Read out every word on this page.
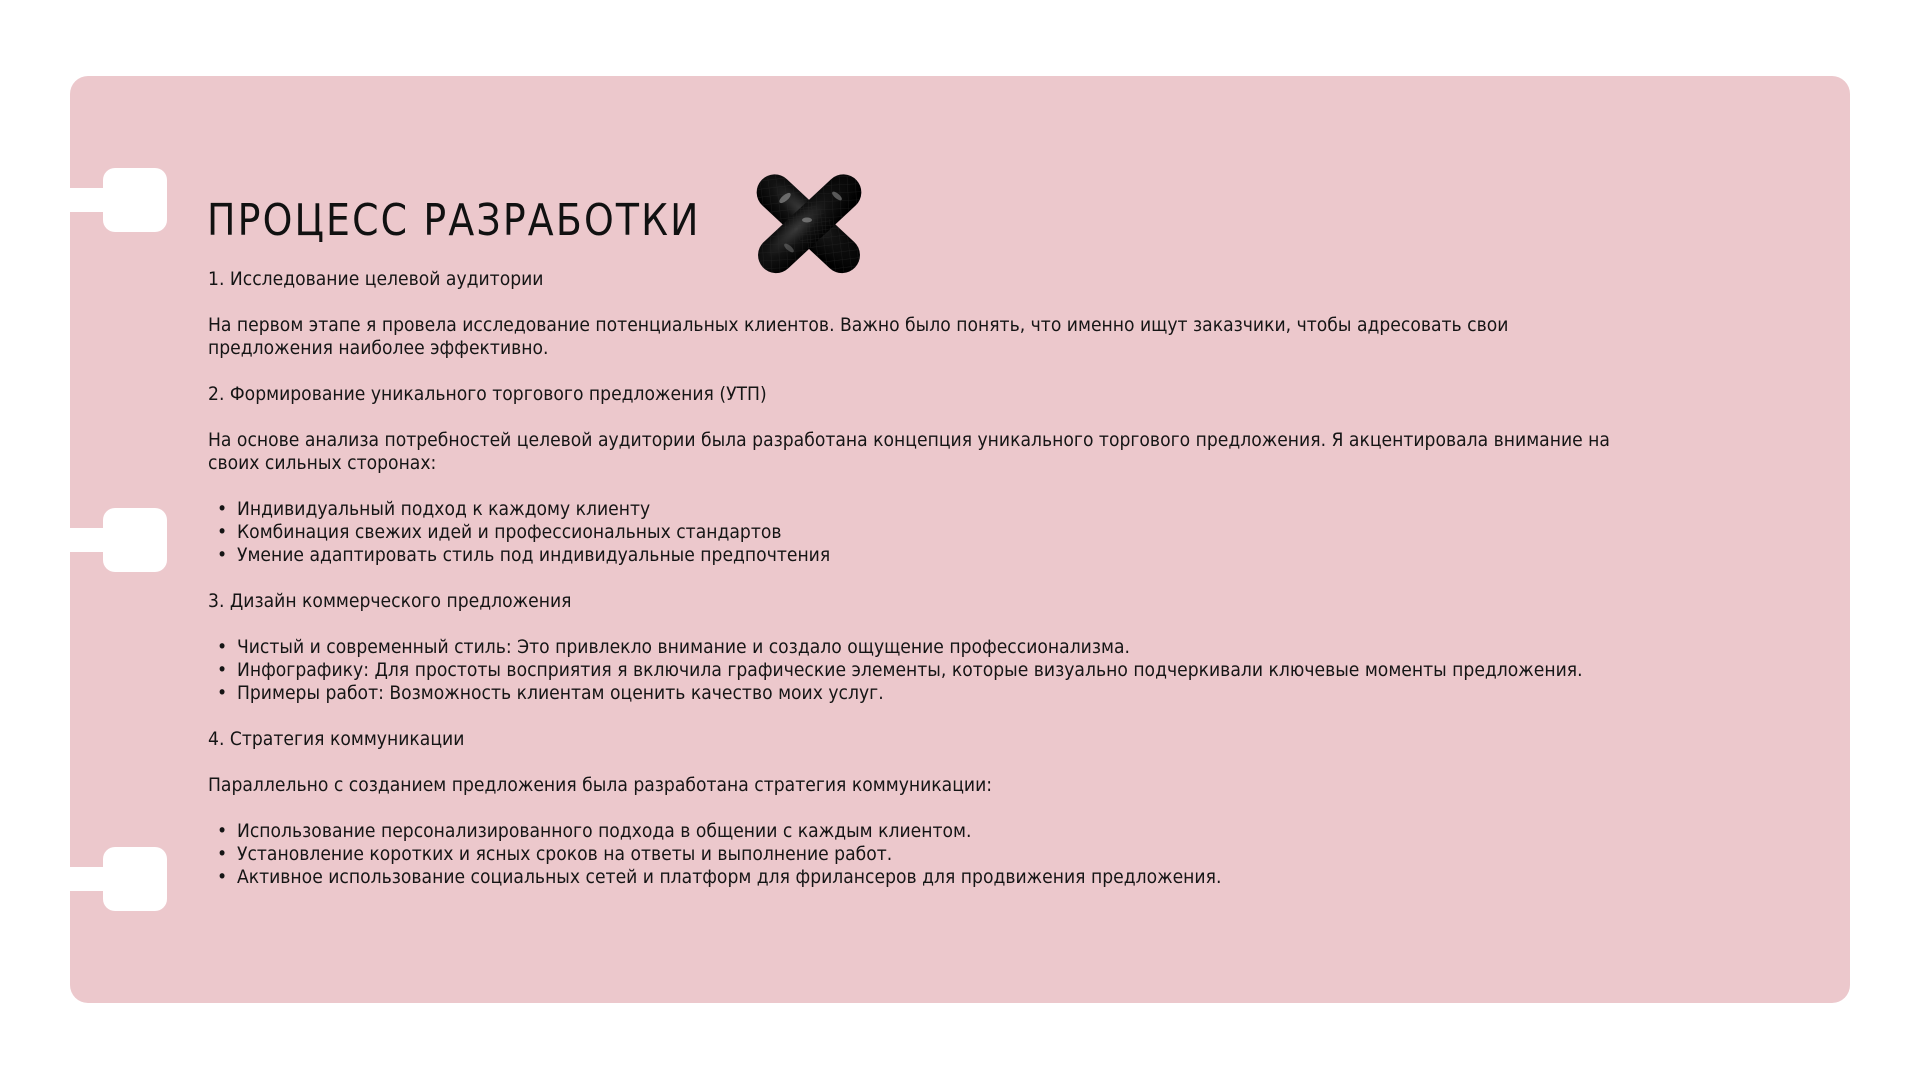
ПРОЦЕСС РАЗРАБОТКИ

1. Исследование целевой аудитории

На первом этапе я провела исследование потенциальных клиентов. Важно было понять, что именно ищут заказчики, чтобы адресовать свои предложения наиболее эффективно.

2. Формирование уникального торгового предложения (УТП)

На основе анализа потребностей целевой аудитории была разработана концепция уникального торгового предложения. Я акцентировала внимание на своих сильных сторонах:

• Индивидуальный подход к каждому клиенту
• Комбинация свежих идей и профессиональных стандартов
• Умение адаптировать стиль под индивидуальные предпочтения

3. Дизайн коммерческого предложения

• Чистый и современный стиль: Это привлекло внимание и создало ощущение профессионализма.
• Инфографику: Для простоты восприятия я включила графические элементы, которые визуально подчеркивали ключевые моменты предложения.
• Примеры работ: Возможность клиентам оценить качество моих услуг.

4. Стратегия коммуникации

Параллельно с созданием предложения была разработана стратегия коммуникации:

• Использование персонализированного подхода в общении с каждым клиентом.
• Установление коротких и ясных сроков на ответы и выполнение работ.
• Активное использование социальных сетей и платформ для фрилансеров для продвижения предложения.
